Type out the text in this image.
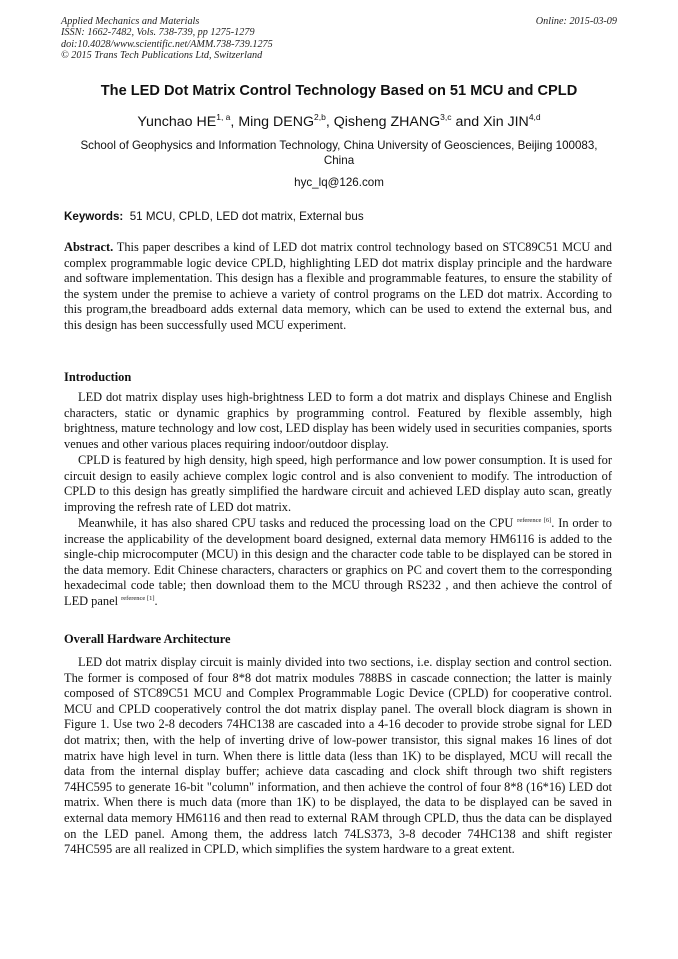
Applied Mechanics and Materials
ISSN: 1662-7482, Vols. 738-739, pp 1275-1279
doi:10.4028/www.scientific.net/AMM.738-739.1275
© 2015 Trans Tech Publications Ltd, Switzerland
Online: 2015-03-09
The LED Dot Matrix Control Technology Based on 51 MCU and CPLD
Yunchao HE$^{1, a}$, Ming DENG$^{2,b}$, Qisheng ZHANG$^{3,c}$ and Xin JIN$^{4,d}$
School of Geophysics and Information Technology, China University of Geosciences, Beijing 100083, China
hyc_lq@126.com
Keywords: 51 MCU, CPLD, LED dot matrix, External bus
Abstract. This paper describes a kind of LED dot matrix control technology based on STC89C51 MCU and complex programmable logic device CPLD, highlighting LED dot matrix display principle and the hardware and software implementation. This design has a flexible and programmable features, to ensure the stability of the system under the premise to achieve a variety of control programs on the LED dot matrix. According to this program,the breadboard adds external data memory, which can be used to extend the external bus, and this design has been successfully used MCU experiment.
Introduction

LED dot matrix display uses high-brightness LED to form a dot matrix and displays Chinese and English characters, static or dynamic graphics by programming control. Featured by flexible assembly, high brightness, mature technology and low cost, LED display has been widely used in securities companies, sports venues and other various places requiring indoor/outdoor display.

CPLD is featured by high density, high speed, high performance and low power consumption. It is used for circuit design to easily achieve complex logic control and is also convenient to modify. The introduction of CPLD to this design has greatly simplified the hardware circuit and achieved LED display auto scan, greatly improving the refresh rate of LED dot matrix.

Meanwhile, it has also shared CPU tasks and reduced the processing load on the CPU $^{reference [6]}$. In order to increase the applicability of the development board designed, external data memory HM6116 is added to the single-chip microcomputer (MCU) in this design and the character code table to be displayed can be stored in the data memory. Edit Chinese characters, characters or graphics on PC and covert them to the corresponding hexadecimal code table; then download them to the MCU through RS232 , and then achieve the control of LED panel $^{reference [1]}$.

Overall Hardware Architecture

LED dot matrix display circuit is mainly divided into two sections, i.e. display section and control section. The former is composed of four 8*8 dot matrix modules 788BS in cascade connection; the latter is mainly composed of STC89C51 MCU and Complex Programmable Logic Device (CPLD) for cooperative control. MCU and CPLD cooperatively control the dot matrix display panel. The overall block diagram is shown in Figure 1. Use two 2-8 decoders 74HC138 are cascaded into a 4-16 decoder to provide strobe signal for LED dot matrix; then, with the help of inverting drive of low-power transistor, this signal makes 16 lines of dot matrix have high level in turn. When there is little data (less than 1K) to be displayed, MCU will recall the data from the internal display buffer; achieve data cascading and clock shift through two shift registers 74HC595 to generate 16-bit "column" information, and then achieve the control of four 8*8 (16*16) LED dot matrix. When there is much data (more than 1K) to be displayed, the data to be displayed can be saved in external data memory HM6116 and then read to external RAM through CPLD, thus the data can be displayed on the LED panel. Among them, the address latch 74LS373, 3-8 decoder 74HC138 and shift register 74HC595 are all realized in CPLD, which simplifies the system hardware to a great extent.
